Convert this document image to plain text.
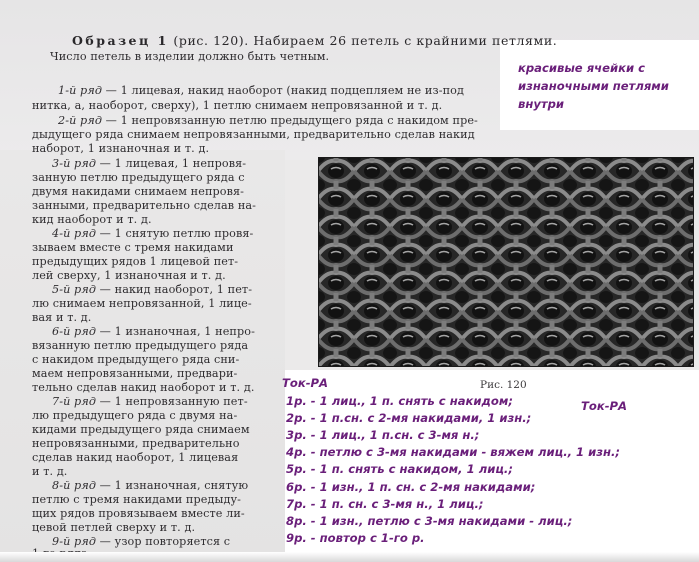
Образец 1 (рис. 120). Набираем 26 петель с крайними петлями.
Число петель в изделии должно быть четным.
1-й ряд — 1 лицевая, накид наоборот (накид подцепляем не из-под
нитка, а, наоборот, сверху), 1 петлю снимаем непровязанной и т. д.
2-й ряд — 1 непровязанную петлю предыдущего ряда с накидом пре-
дыдущего ряда снимаем непровязанными, предварительно сделав накид
наборот, 1 изнаночная и т. д.
3-й ряд — 1 лицевая, 1 непровя-
занную петлю предыдущего ряда с
двумя накидами снимаем непровя-
занными, предварительно сделав на-
кид наоборот и т. д.
4-й ряд — 1 снятую петлю провя-
зываем вместе с тремя накидами
предыдущих рядов 1 лицевой пет-
лей сверху, 1 изнаночная и т. д.
5-й ряд — накид наоборот, 1 пет-
лю снимаем непровязанной, 1 лице-
вая и т. д.
6-й ряд — 1 изнаночная, 1 непро-
вязанную петлю предыдущего ряда
с накидом предыдущего ряда сни-
маем непровязанными, предвари-
тельно сделав накид наоборот и т. д.
7-й ряд — 1 непровязанную пет-
лю предыдущего ряда с двумя на-
кидами предыдущего ряда снимаем
непровязанными, предварительно
сделав накид наоборот, 1 лицевая
и т. д.
8-й ряд — 1 изнаночная, снятую
петлю с тремя накидами предыду-
щих рядов провязываем вместе ли-
цевой петлей сверху и т. д.
9-й ряд — узор повторяется с
красивые ячейки с
изнаночными петлями
внутри
Ток-РА	Рис. 120
Ток-РА
1р. - 1 лиц., 1 п. снять с накидом;
2р. - 1 п.сн. с 2-мя накидами, 1 изн.;
3р. - 1 лиц., 1 п.сн. с 3-мя н.;
4р. - петлю с 3-мя накидами - вяжем лиц., 1 изн.;
5р. - 1 п. снять с накидом, 1 лиц.;
6р. - 1 изн., 1 п. сн. с 2-мя накидами;
7р. - 1 п. сн. с 3-мя н., 1 лиц.;
8р. - 1 изн., петлю с 3-мя накидами - лиц.;
9р. - повтор с 1-го р.
